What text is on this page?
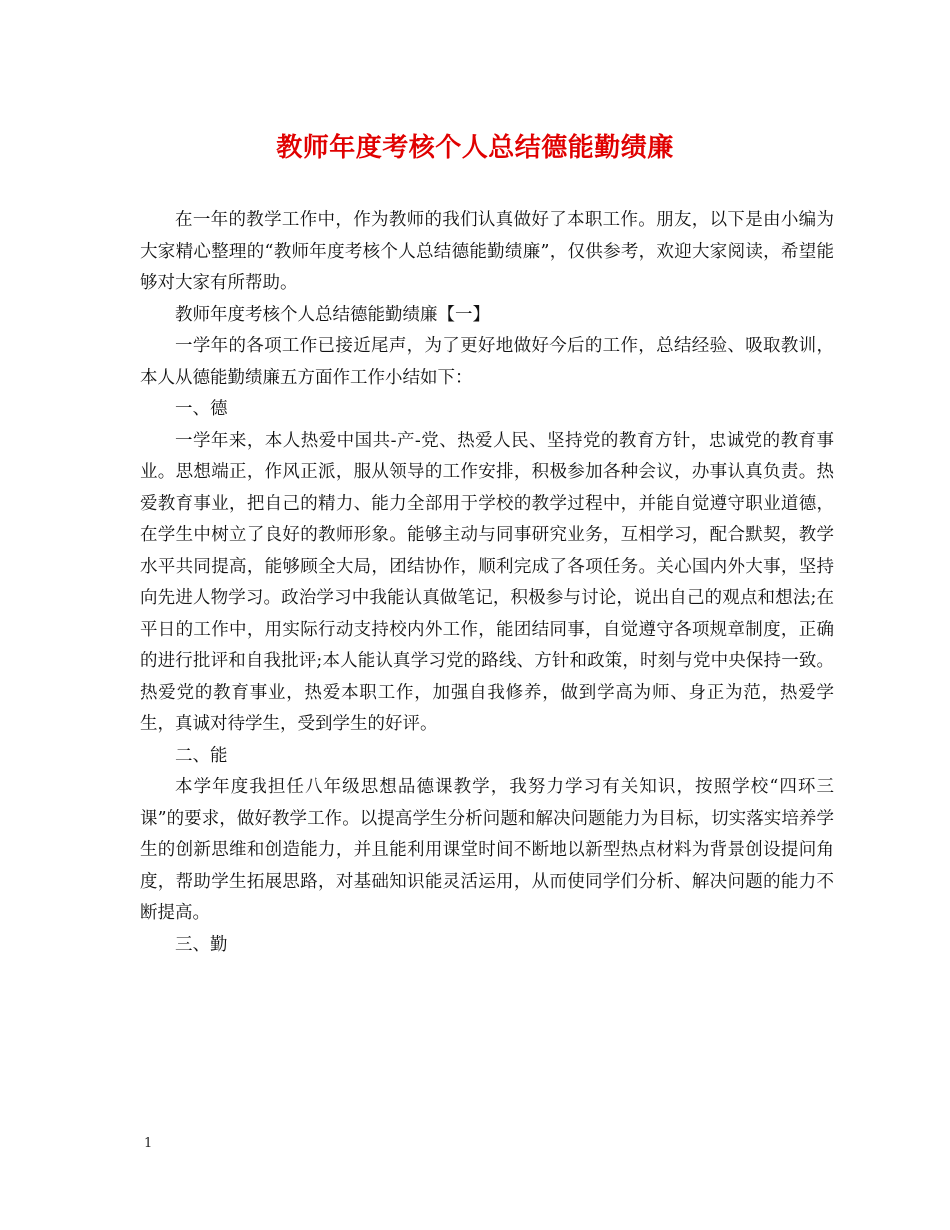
教师年度考核个人总结德能勤绩廉

在一年的教学工作中，作为教师的我们认真做好了本职工作。朋友，以下是由小编为大家精心整理的“教师年度考核个人总结德能勤绩廉”，仅供参考，欢迎大家阅读，希望能够对大家有所帮助。

教师年度考核个人总结德能勤绩廉【一】

一学年的各项工作已接近尾声，为了更好地做好今后的工作，总结经验、吸取教训，本人从德能勤绩廉五方面作工作小结如下：

一、德

一学年来，本人热爱中国共-产-党、热爱人民、坚持党的教育方针，忠诚党的教育事业。思想端正，作风正派，服从领导的工作安排，积极参加各种会议，办事认真负责。热爱教育事业，把自己的精力、能力全部用于学校的教学过程中，并能自觉遵守职业道德，在学生中树立了良好的教师形象。能够主动与同事研究业务，互相学习，配合默契，教学水平共同提高，能够顾全大局，团结协作，顺利完成了各项任务。关心国内外大事，坚持向先进人物学习。政治学习中我能认真做笔记，积极参与讨论，说出自己的观点和想法;在平日的工作中，用实际行动支持校内外工作，能团结同事，自觉遵守各项规章制度，正确的进行批评和自我批评;本人能认真学习党的路线、方针和政策，时刻与党中央保持一致。热爱党的教育事业，热爱本职工作，加强自我修养，做到学高为师、身正为范，热爱学生，真诚对待学生，受到学生的好评。

二、能

本学年度我担任八年级思想品德课教学，我努力学习有关知识，按照学校“四环三课”的要求，做好教学工作。以提高学生分析问题和解决问题能力为目标，切实落实培养学生的创新思维和创造能力，并且能利用课堂时间不断地以新型热点材料为背景创设提问角度，帮助学生拓展思路，对基础知识能灵活运用，从而使同学们分析、解决问题的能力不断提高。

三、勤

1
